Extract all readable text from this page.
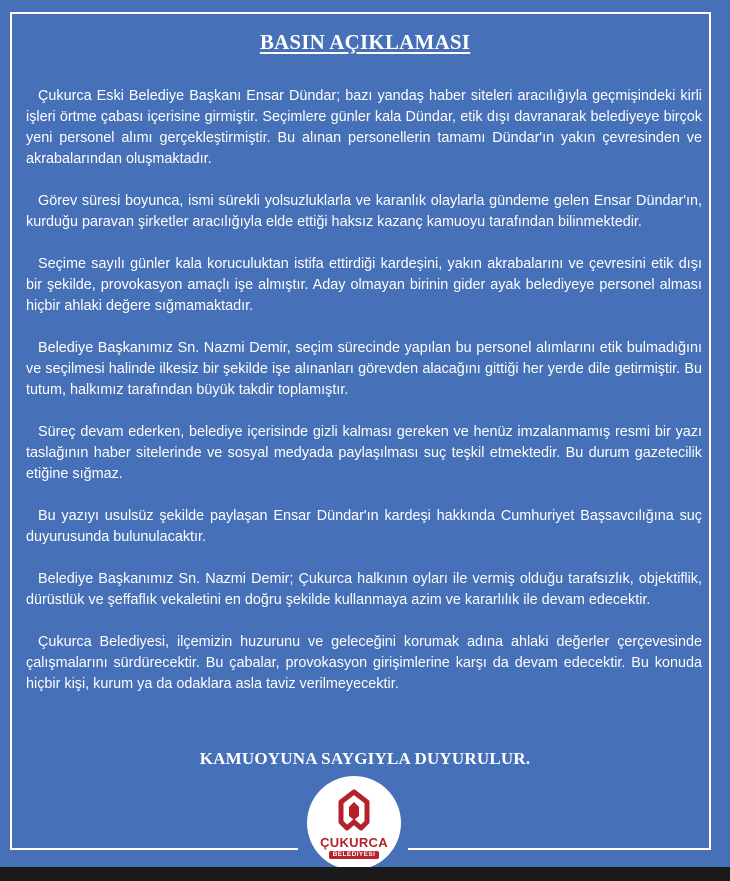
BASIN AÇIKLAMASI

Çukurca Eski Belediye Başkanı Ensar Dündar; bazı yandaş haber siteleri aracılığıyla geçmişindeki kirli işleri örtme çabası içerisine girmiştir. Seçimlere günler kala Dündar, etik dışı davranarak belediyeye birçok yeni personel alımı gerçekleştirmiştir. Bu alınan personellerin tamamı Dündar'ın yakın çevresinden ve akrabalarından oluşmaktadır.

Görev süresi boyunca, ismi sürekli yolsuzluklarla ve karanlık olaylarla gündeme gelen Ensar Dündar'ın, kurduğu paravan şirketler aracılığıyla elde ettiği haksız kazanç kamuoyu tarafından bilinmektedir.

Seçime sayılı günler kala koruculuktan istifa ettirdiği kardeşini, yakın akrabalarını ve çevresini etik dışı bir şekilde, provokasyon amaçlı işe almıştır. Aday olmayan birinin gider ayak belediyeye personel alması hiçbir ahlaki değere sığmamaktadır.

Belediye Başkanımız Sn. Nazmi Demir, seçim sürecinde yapılan bu personel alımlarını etik bulmadığını ve seçilmesi halinde ilkesiz bir şekilde işe alınanları görevden alacağını gittiği her yerde dile getirmiştir. Bu tutum, halkımız tarafından büyük takdir toplamıştır.

Süreç devam ederken, belediye içerisinde gizli kalması gereken ve henüz imzalanmamış resmi bir yazı taslağının haber sitelerinde ve sosyal medyada paylaşılması suç teşkil etmektedir. Bu durum gazetecilik etiğine sığmaz.

Bu yazıyı usulsüz şekilde paylaşan Ensar Dündar'ın kardeşi hakkında Cumhuriyet Başsavcılığına suç duyurusunda bulunulacaktır.

Belediye Başkanımız Sn. Nazmi Demir; Çukurca halkının oyları ile vermiş olduğu tarafsızlık, objektiflik, dürüstlük ve şeffaflık vekaletini en doğru şekilde kullanmaya azim ve kararlılık ile devam edecektir.

Çukurca Belediyesi, ilçemizin huzurunu ve geleceğini korumak adına ahlaki değerler çerçevesinde çalışmalarını sürdürecektir. Bu çabalar, provokasyon girişimlerine karşı da devam edecektir. Bu konuda hiçbir kişi, kurum ya da odaklara asla taviz verilmeyecektir.

KAMUOYUNA SAYGIYLA DUYURULUR.
ÇUKURCA
BELEDİYESİ
